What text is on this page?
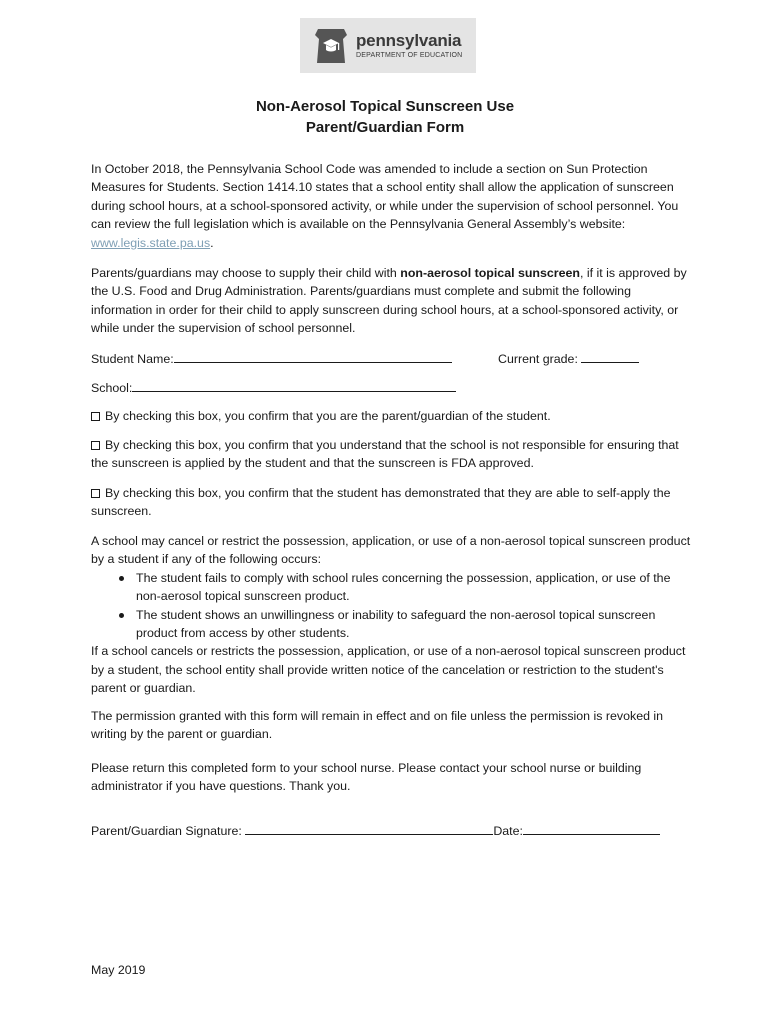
pennsylvania
DEPARTMENT OF EDUCATION
Non-Aerosol Topical Sunscreen Use
Parent/Guardian Form

In October 2018, the Pennsylvania School Code was amended to include a section on Sun Protection Measures for Students. Section 1414.10 states that a school entity shall allow the application of sunscreen during school hours, at a school-sponsored activity, or while under the supervision of school personnel. You can review the full legislation which is available on the Pennsylvania General Assembly’s website: www.legis.state.pa.us.

Parents/guardians may choose to supply their child with non-aerosol topical sunscreen, if it is approved by the U.S. Food and Drug Administration. Parents/guardians must complete and submit the following information in order for their child to apply sunscreen during school hours, at a school-sponsored activity, or while under the supervision of school personnel.

Student Name:	Current grade:
School:

By checking this box, you confirm that you are the parent/guardian of the student.

By checking this box, you confirm that you understand that the school is not responsible for ensuring that the sunscreen is applied by the student and that the sunscreen is FDA approved.

By checking this box, you confirm that the student has demonstrated that they are able to self-apply the sunscreen.

A school may cancel or restrict the possession, application, or use of a non-aerosol topical sunscreen product by a student if any of the following occurs:
The student fails to comply with school rules concerning the possession, application, or use of the non-aerosol topical sunscreen product.
The student shows an unwillingness or inability to safeguard the non-aerosol topical sunscreen product from access by other students.
If a school cancels or restricts the possession, application, or use of a non-aerosol topical sunscreen product by a student, the school entity shall provide written notice of the cancelation or restriction to the student's parent or guardian.

The permission granted with this form will remain in effect and on file unless the permission is revoked in writing by the parent or guardian.

Please return this completed form to your school nurse. Please contact your school nurse or building administrator if you have questions. Thank you.

Parent/Guardian Signature:	Date:
May 2019
